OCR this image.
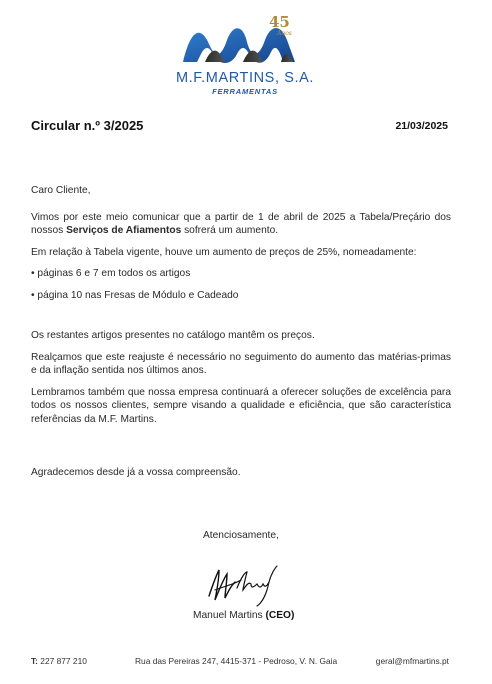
45
Anos
M.F.MARTINS, S.A.
FERRAMENTAS
Circular n.º 3/2025	21/03/2025

Caro Cliente,

Vimos por este meio comunicar que a partir de 1 de abril de 2025 a Tabela/Preçário dos nossos Serviços de Afiamentos sofrerá um aumento.

Em relação à Tabela vigente, houve um aumento de preços de 25%, nomeadamente:

• páginas 6 e 7 em todos os artigos

• página 10 nas Fresas de Módulo e Cadeado

Os restantes artigos presentes no catálogo mantêm os preços.

Realçamos que este reajuste é necessário no seguimento do aumento das matérias-primas e da inflação sentida nos últimos anos.

Lembramos também que nossa empresa continuará a oferecer soluções de excelência para todos os nossos clientes, sempre visando a qualidade e eficiência, que são característica referências da M.F. Martins.

Agradecemos desde já a vossa compreensão.

Atenciosamente,
Manuel Martins (CEO)
T: 227 877 210	Rua das Pereiras 247, 4415-371 - Pedroso, V. N. Gaia	geral@mfmartins.pt
